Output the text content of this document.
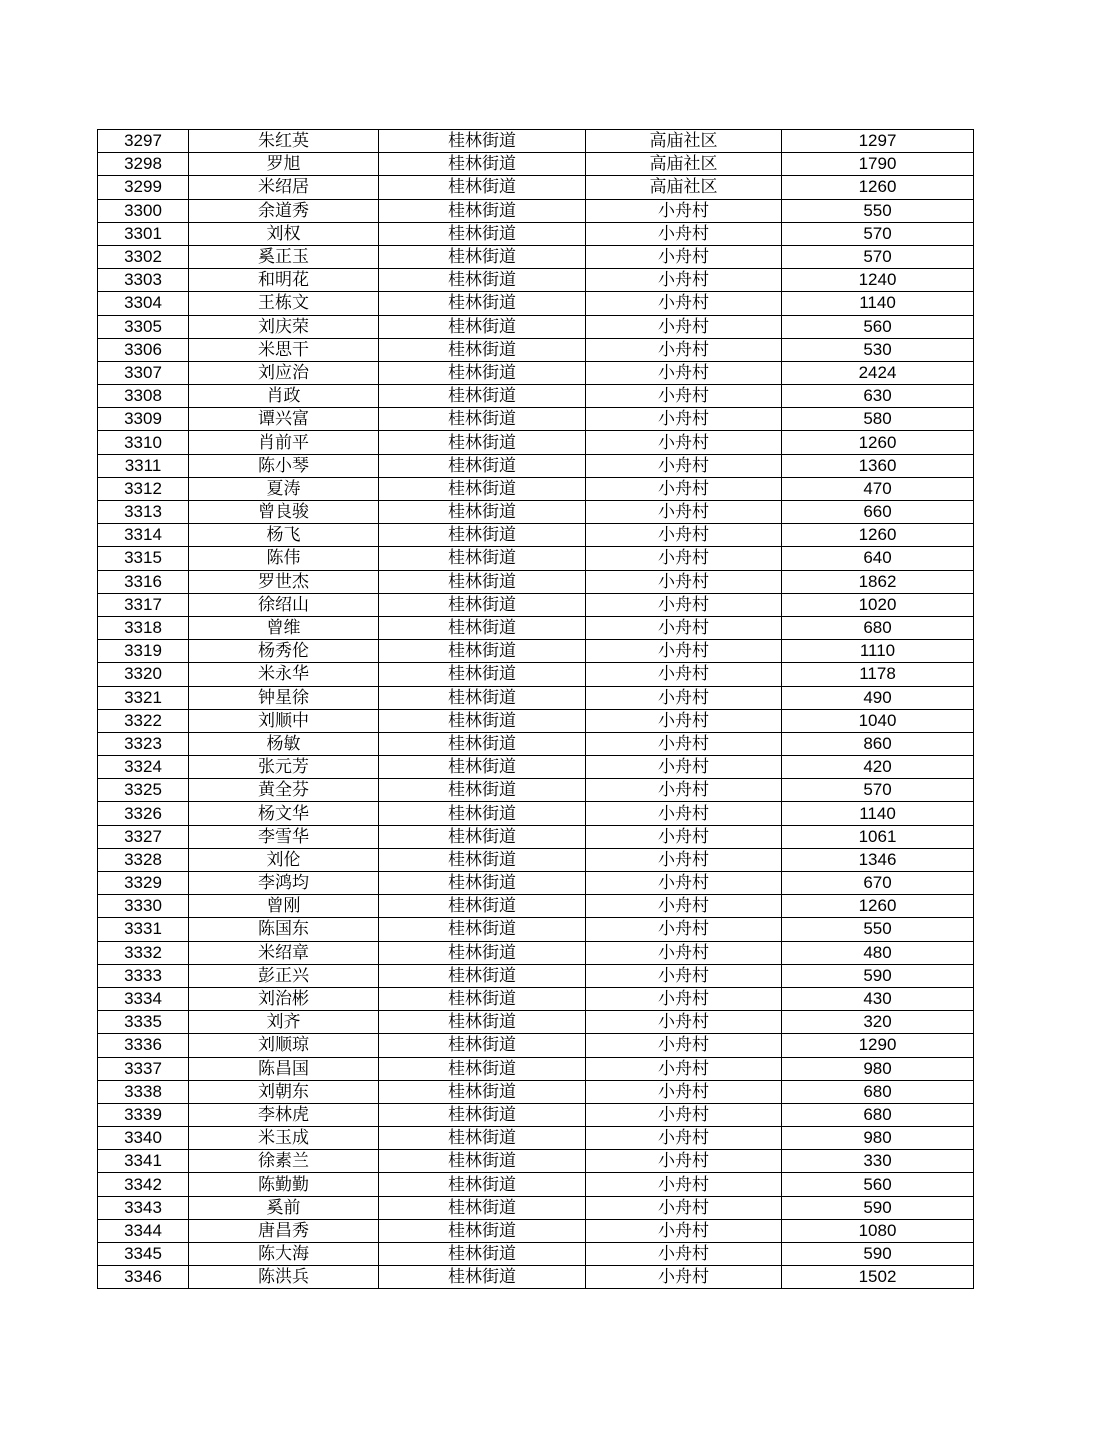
3297	朱红英	桂林街道	高庙社区	1297
3298	罗旭	桂林街道	高庙社区	1790
3299	米绍居	桂林街道	高庙社区	1260
3300	余道秀	桂林街道	小舟村	550
3301	刘权	桂林街道	小舟村	570
3302	奚正玉	桂林街道	小舟村	570
3303	和明花	桂林街道	小舟村	1240
3304	王栋文	桂林街道	小舟村	1140
3305	刘庆荣	桂林街道	小舟村	560
3306	米思干	桂林街道	小舟村	530
3307	刘应治	桂林街道	小舟村	2424
3308	肖政	桂林街道	小舟村	630
3309	谭兴富	桂林街道	小舟村	580
3310	肖前平	桂林街道	小舟村	1260
3311	陈小琴	桂林街道	小舟村	1360
3312	夏涛	桂林街道	小舟村	470
3313	曾良骏	桂林街道	小舟村	660
3314	杨飞	桂林街道	小舟村	1260
3315	陈伟	桂林街道	小舟村	640
3316	罗世杰	桂林街道	小舟村	1862
3317	徐绍山	桂林街道	小舟村	1020
3318	曾维	桂林街道	小舟村	680
3319	杨秀伦	桂林街道	小舟村	1110
3320	米永华	桂林街道	小舟村	1178
3321	钟星徐	桂林街道	小舟村	490
3322	刘顺中	桂林街道	小舟村	1040
3323	杨敏	桂林街道	小舟村	860
3324	张元芳	桂林街道	小舟村	420
3325	黄全芬	桂林街道	小舟村	570
3326	杨文华	桂林街道	小舟村	1140
3327	李雪华	桂林街道	小舟村	1061
3328	刘伦	桂林街道	小舟村	1346
3329	李鸿均	桂林街道	小舟村	670
3330	曾刚	桂林街道	小舟村	1260
3331	陈国东	桂林街道	小舟村	550
3332	米绍章	桂林街道	小舟村	480
3333	彭正兴	桂林街道	小舟村	590
3334	刘治彬	桂林街道	小舟村	430
3335	刘齐	桂林街道	小舟村	320
3336	刘顺琼	桂林街道	小舟村	1290
3337	陈昌国	桂林街道	小舟村	980
3338	刘朝东	桂林街道	小舟村	680
3339	李林虎	桂林街道	小舟村	680
3340	米玉成	桂林街道	小舟村	980
3341	徐素兰	桂林街道	小舟村	330
3342	陈勤勤	桂林街道	小舟村	560
3343	奚前	桂林街道	小舟村	590
3344	唐昌秀	桂林街道	小舟村	1080
3345	陈大海	桂林街道	小舟村	590
3346	陈洪兵	桂林街道	小舟村	1502
